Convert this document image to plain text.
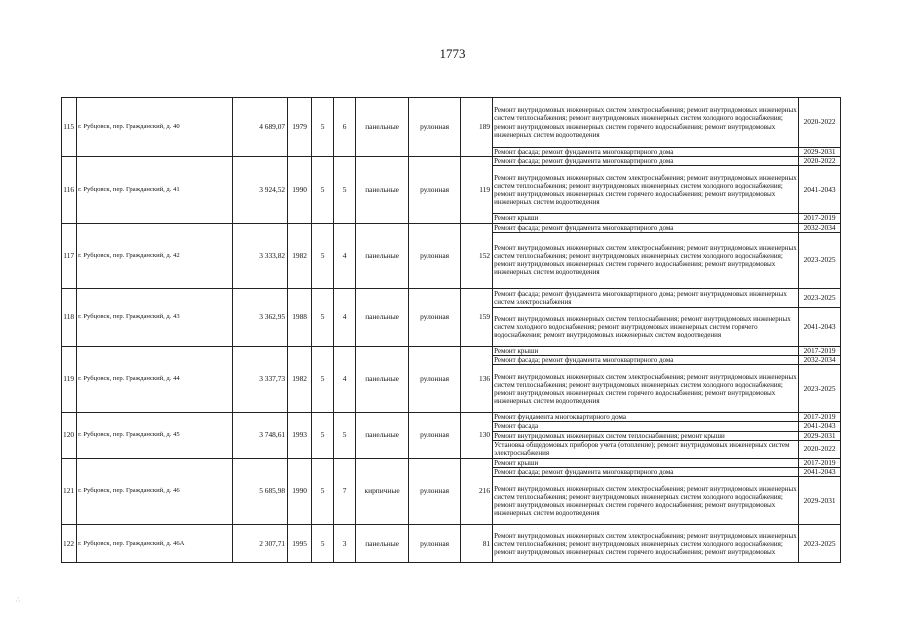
1773
115	г. Рубцовск, пер. Гражданский, д. 40	4 689,07	1979	5	6	панельные	рулонная	189	Ремонт внутридомовых инженерных систем электроснабжения; ремонт внутридомовых инженерных систем теплоснабжения; ремонт внутридомовых инженерных систем холодного водоснабжения; ремонт внутридомовых инженерных систем горячего водоснабжения; ремонт внутридомовых инженерных систем водоотведения	2020-2022
									Ремонт фасада; ремонт фундамента многоквартирного дома	2029-2031
116	г. Рубцовск, пер. Гражданский, д. 41	3 924,52	1990	5	5	панельные	рулонная	119	Ремонт фасада; ремонт фундамента многоквартирного дома	2020-2022
									Ремонт внутридомовых инженерных систем электроснабжения; ремонт внутридомовых инженерных систем теплоснабжения; ремонт внутридомовых инженерных систем холодного водоснабжения; ремонт внутридомовых инженерных систем горячего водоснабжения; ремонт внутридомовых инженерных систем водоотведения	2041-2043
									Ремонт крыши	2017-2019
117	г. Рубцовск, пер. Гражданский, д. 42	3 333,82	1982	5	4	панельные	рулонная	152	Ремонт фасада; ремонт фундамента многоквартирного дома	2032-2034
									Ремонт внутридомовых инженерных систем электроснабжения; ремонт внутридомовых инженерных систем теплоснабжения; ремонт внутридомовых инженерных систем холодного водоснабжения; ремонт внутридомовых инженерных систем горячего водоснабжения; ремонт внутридомовых инженерных систем водоотведения	2023-2025
118	г. Рубцовск, пер. Гражданский, д. 43	3 362,95	1988	5	4	панельные	рулонная	159	Ремонт фасада; ремонт фундамента многоквартирного дома; ремонт внутридомовых инженерных систем электроснабжения	2023-2025
									Ремонт внутридомовых инженерных систем теплоснабжения; ремонт внутридомовых инженерных систем холодного водоснабжения; ремонт внутридомовых инженерных систем горячего водоснабжения; ремонт внутридомовых инженерных систем водоотведения	2041-2043
119	г. Рубцовск, пер. Гражданский, д. 44	3 337,73	1982	5	4	панельные	рулонная	136	Ремонт крыши	2017-2019
									Ремонт фасада; ремонт фундамента многоквартирного дома	2032-2034
									Ремонт внутридомовых инженерных систем электроснабжения; ремонт внутридомовых инженерных систем теплоснабжения; ремонт внутридомовых инженерных систем холодного водоснабжения; ремонт внутридомовых инженерных систем горячего водоснабжения; ремонт внутридомовых инженерных систем водоотведения	2023-2025
120	г. Рубцовск, пер. Гражданский, д. 45	3 748,61	1993	5	5	панельные	рулонная	130	Ремонт фундамента многоквартирного дома	2017-2019
									Ремонт фасада	2041-2043
									Ремонт внутридомовых инженерных систем теплоснабжения; ремонт крыши	2029-2031
									Установка общедомовых приборов учета (отопление); ремонт внутридомовых инженерных систем электроснабжения	2020-2022
121	г. Рубцовск, пер. Гражданский, д. 46	5 685,98	1990	5	7	кирпичные	рулонная	216	Ремонт крыши	2017-2019
									Ремонт фасада; ремонт фундамента многоквартирного дома	2041-2043
									Ремонт внутридомовых инженерных систем электроснабжения; ремонт внутридомовых инженерных систем теплоснабжения; ремонт внутридомовых инженерных систем холодного водоснабжения; ремонт внутридомовых инженерных систем горячего водоснабжения; ремонт внутридомовых инженерных систем водоотведения	2029-2031
122	г. Рубцовск, пер. Гражданский, д. 46А	2 307,71	1995	5	3	панельные	рулонная	81	Ремонт внутридомовых инженерных систем электроснабжения; ремонт внутридомовых инженерных систем теплоснабжения; ремонт внутридомовых инженерных систем холодного водоснабжения; ремонт внутридомовых инженерных систем горячего водоснабжения; ремонт внутридомовых	2023-2025
∴
